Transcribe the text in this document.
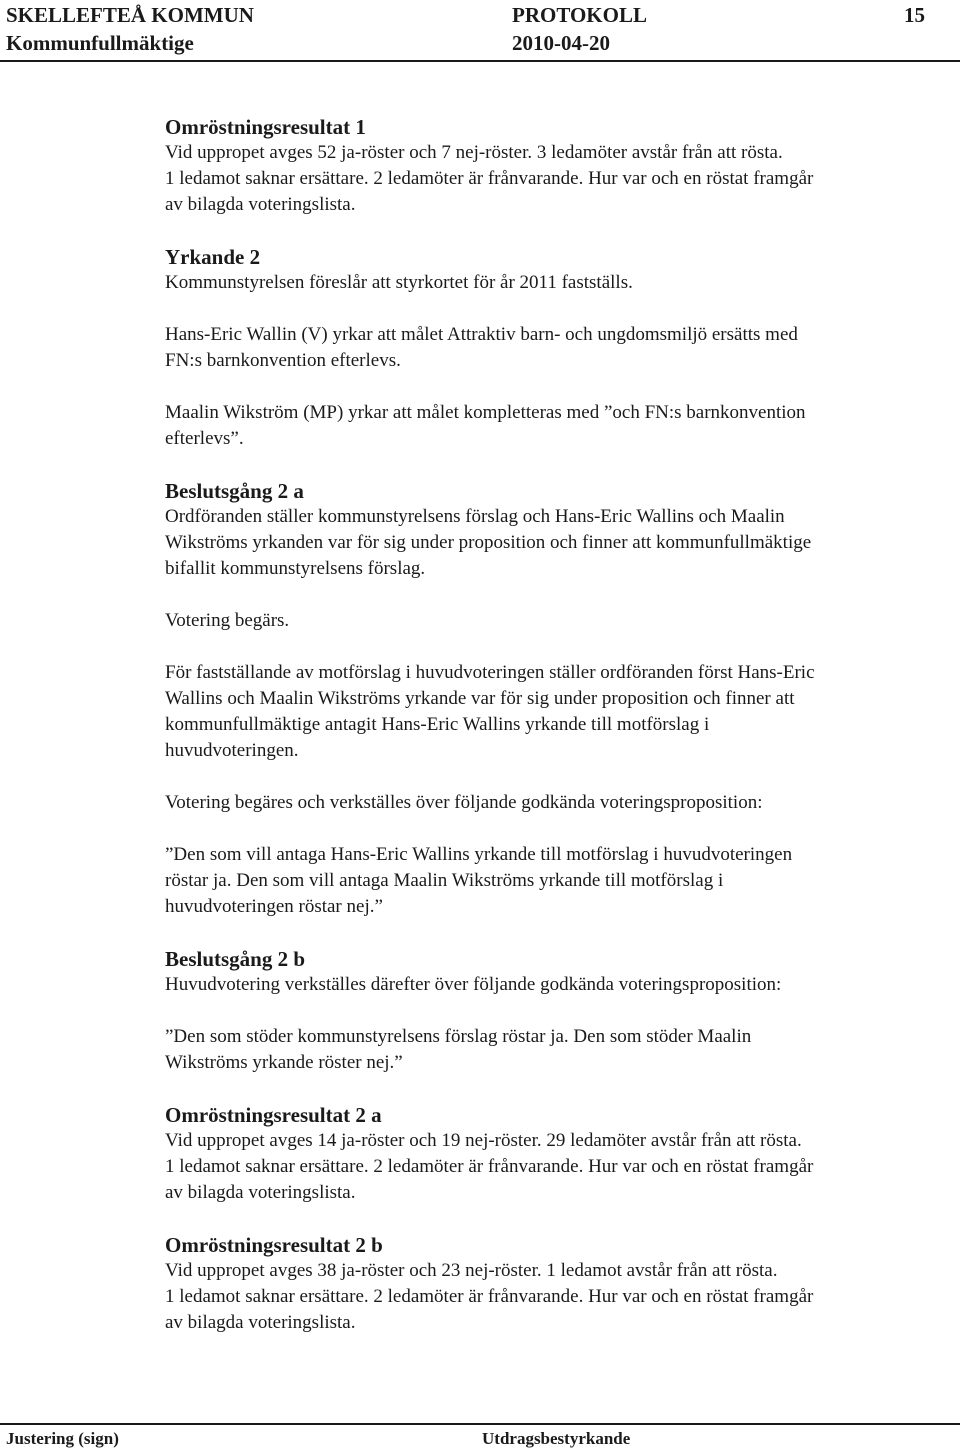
SKELLEFTEÅ KOMMUN	PROTOKOLL	15
Kommunfullmäktige	2010-04-20
Omröstningsresultat 1
Vid uppropet avges 52 ja-röster och 7 nej-röster. 3 ledamöter avstår från att rösta.
1 ledamot saknar ersättare. 2 ledamöter är frånvarande. Hur var och en röstat framgår
av bilagda voteringslista.
Yrkande 2
Kommunstyrelsen föreslår att styrkortet för år 2011 fastställs.
Hans-Eric Wallin (V) yrkar att målet Attraktiv barn- och ungdomsmiljö ersätts med
FN:s barnkonvention efterlevs.
Maalin Wikström (MP) yrkar att målet kompletteras med ”och FN:s barnkonvention
efterlevs”.
Beslutsgång 2 a
Ordföranden ställer kommunstyrelsens förslag och Hans-Eric Wallins och Maalin
Wikströms yrkanden var för sig under proposition och finner att kommunfullmäktige
bifallit kommunstyrelsens förslag.
Votering begärs.
För fastställande av motförslag i huvudvoteringen ställer ordföranden först Hans-Eric
Wallins och Maalin Wikströms yrkande var för sig under proposition och finner att
kommunfullmäktige antagit Hans-Eric Wallins yrkande till motförslag i
huvudvoteringen.
Votering begäres och verkställes över följande godkända voteringsproposition:
”Den som vill antaga Hans-Eric Wallins yrkande till motförslag i huvudvoteringen
röstar ja. Den som vill antaga Maalin Wikströms yrkande till motförslag i
huvudvoteringen röstar nej.”
Beslutsgång 2 b
Huvudvotering verkställes därefter över följande godkända voteringsproposition:
”Den som stöder kommunstyrelsens förslag röstar ja. Den som stöder Maalin
Wikströms yrkande röster nej.”
Omröstningsresultat 2 a
Vid uppropet avges 14 ja-röster och 19 nej-röster. 29 ledamöter avstår från att rösta.
1 ledamot saknar ersättare. 2 ledamöter är frånvarande. Hur var och en röstat framgår
av bilagda voteringslista.
Omröstningsresultat 2 b
Vid uppropet avges 38 ja-röster och 23 nej-röster. 1 ledamot avstår från att rösta.
1 ledamot saknar ersättare. 2 ledamöter är frånvarande. Hur var och en röstat framgår
av bilagda voteringslista.
Justering (sign)	Utdragsbestyrkande
